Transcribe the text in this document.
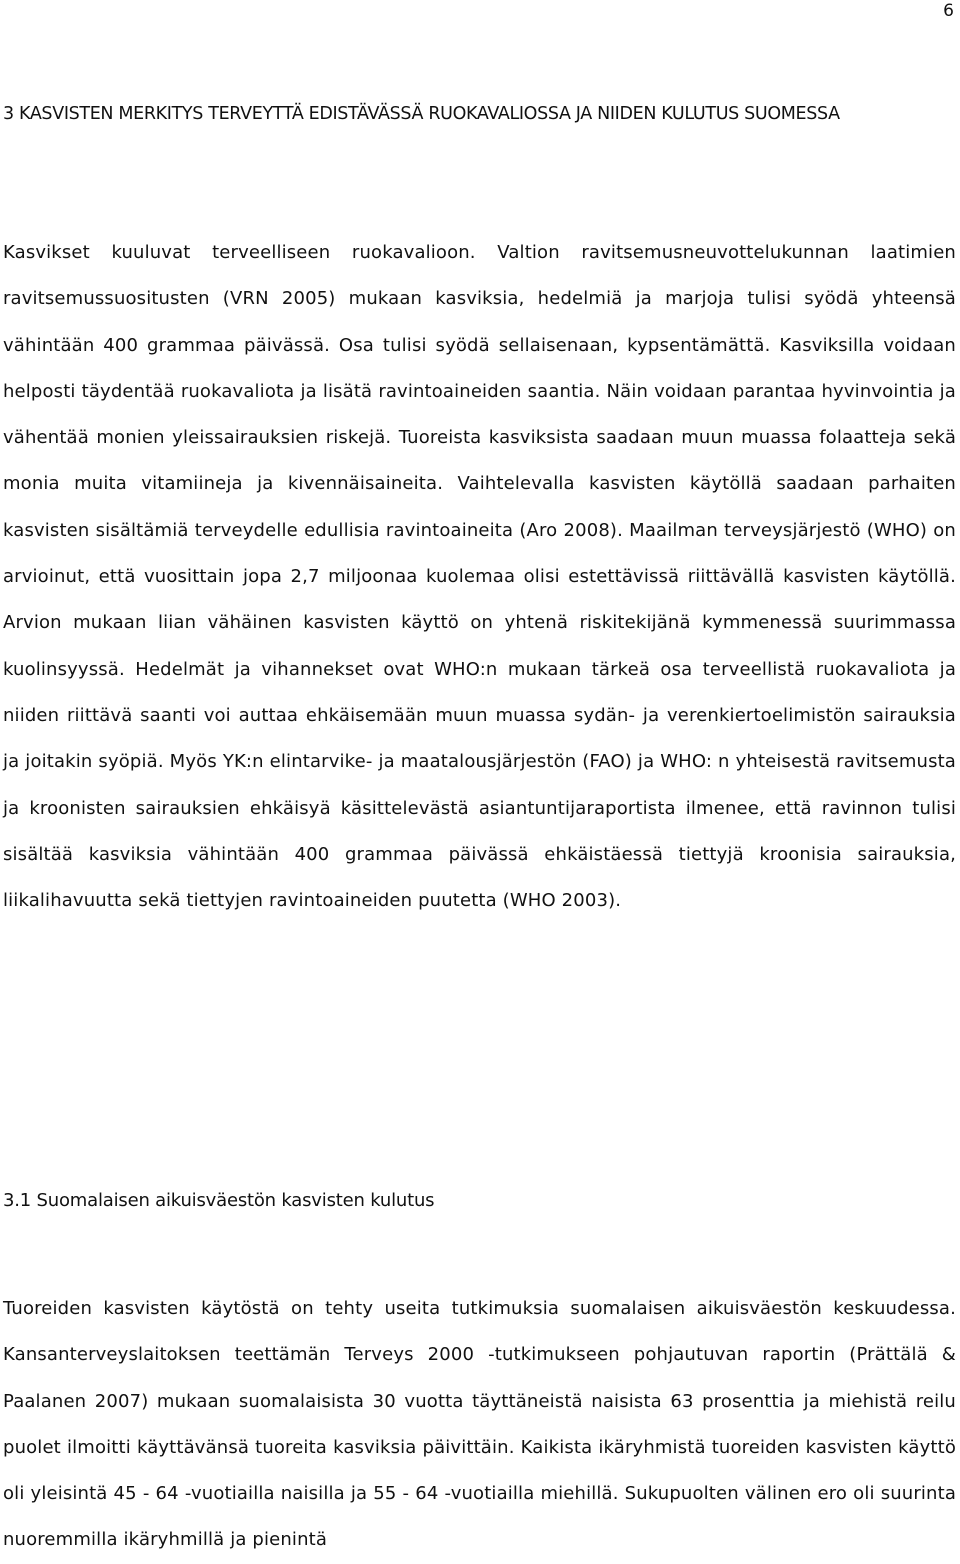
6
3 KASVISTEN MERKITYS TERVEYTTÄ EDISTÄVÄSSÄ RUOKAVALIOSSA JA NIIDEN KULUTUS SUOMESSA

Kasvikset kuuluvat terveelliseen ruokavalioon. Valtion ravitsemusneuvottelukunnan laatimien ravitsemussuositusten (VRN 2005) mukaan kasviksia, hedelmiä ja marjoja tulisi syödä yhteensä vähintään 400 grammaa päivässä. Osa tulisi syödä sellaisenaan, kypsentämättä. Kasviksilla voidaan helposti täydentää ruokavaliota ja lisätä ravintoaineiden saantia. Näin voidaan parantaa hyvinvointia ja vähentää monien yleissairauksien riskejä. Tuoreista kasviksista saadaan muun muassa folaatteja sekä monia muita vitamiineja ja kivennäisaineita. Vaihtelevalla kasvisten käytöllä saadaan parhaiten kasvisten sisältämiä terveydelle edullisia ravintoaineita (Aro 2008). Maailman terveysjärjestö (WHO) on arvioinut, että vuosittain jopa 2,7 miljoonaa kuolemaa olisi estettävissä riittävällä kasvisten käytöllä. Arvion mukaan liian vähäinen kasvisten käyttö on yhtenä riskitekijänä kymmenessä suurimmassa kuolinsyyssä. Hedelmät ja vihannekset ovat WHO:n mukaan tärkeä osa terveellistä ruokavaliota ja niiden riittävä saanti voi auttaa ehkäisemään muun muassa sydän- ja verenkiertoelimistön sairauksia ja joitakin syöpiä. Myös YK:n elintarvike- ja maatalousjärjestön (FAO) ja WHO: n yhteisestä ravitsemusta ja kroonisten sairauksien ehkäisyä käsittelevästä asiantuntijaraportista ilmenee, että ravinnon tulisi sisältää kasviksia vähintään 400 grammaa päivässä ehkäistäessä tiettyjä kroonisia sairauksia, liikalihavuutta sekä tiettyjen ravintoaineiden puutetta (WHO 2003).

3.1 Suomalaisen aikuisväestön kasvisten kulutus

Tuoreiden kasvisten käytöstä on tehty useita tutkimuksia suomalaisen aikuisväestön keskuudessa. Kansanterveyslaitoksen teettämän Terveys 2000 -tutkimukseen pohjautuvan raportin (Prättälä & Paalanen 2007) mukaan suomalaisista 30 vuotta täyttäneistä naisista 63 prosenttia ja miehistä reilu puolet ilmoitti käyttävänsä tuoreita kasviksia päivittäin. Kaikista ikäryhmistä tuoreiden kasvisten käyttö oli yleisintä 45 - 64 -vuotiailla naisilla ja 55 - 64 -vuotiailla miehillä. Sukupuolten välinen ero oli suurinta nuoremmilla ikäryhmillä ja pienintä
